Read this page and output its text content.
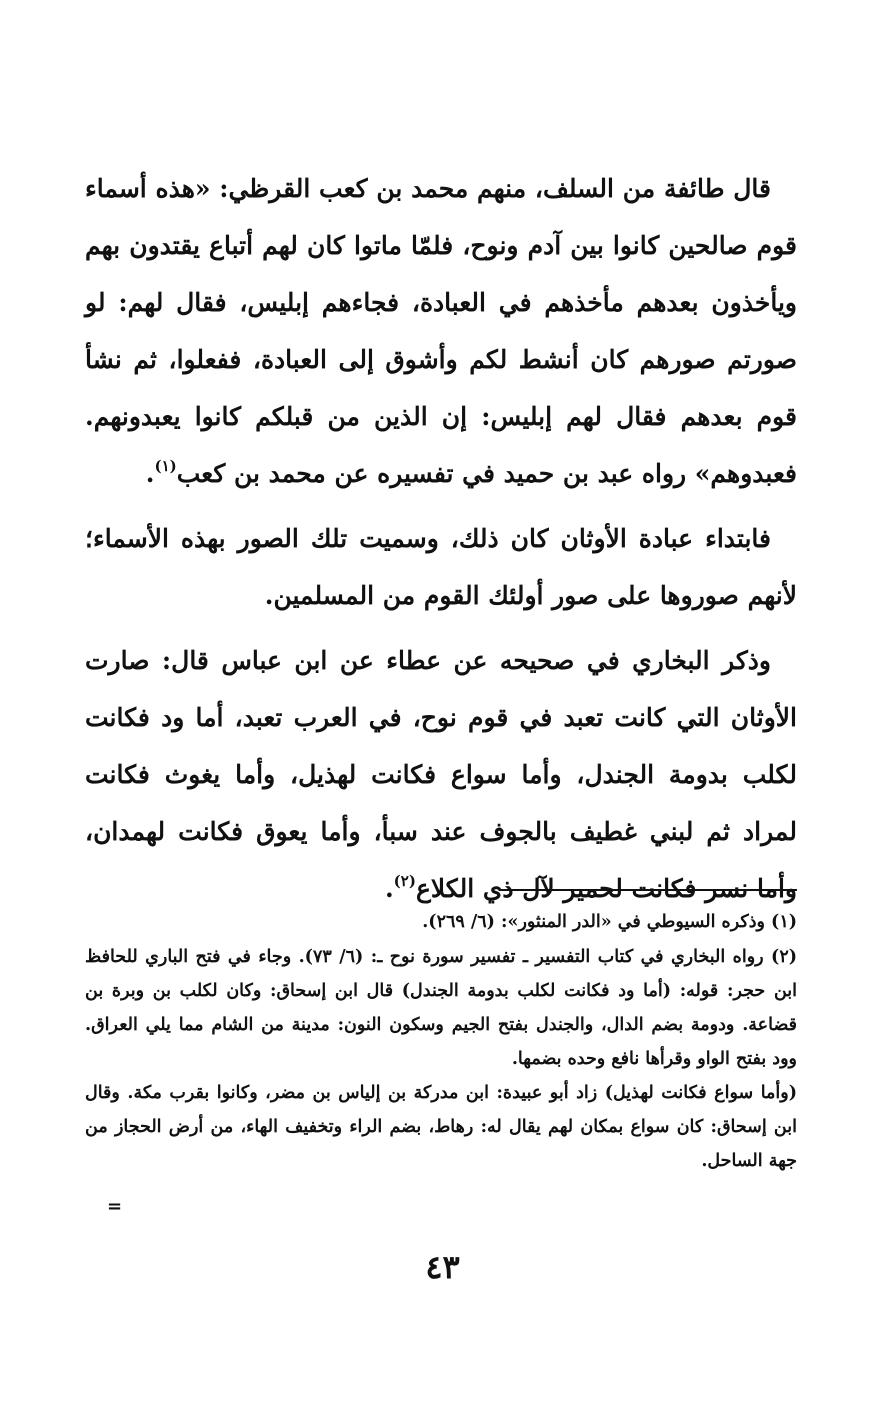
قال طائفة من السلف، منهم محمد بن كعب القرظي: «هذه أسماء قوم صالحين كانوا بين آدم ونوح، فلمّا ماتوا كان لهم أتباع يقتدون بهم ويأخذون بعدهم مأخذهم في العبادة، فجاءهم إبليس، فقال لهم: لو صورتم صورهم كان أنشط لكم وأشوق إلى العبادة، ففعلوا، ثم نشأ قوم بعدهم فقال لهم إبليس: إن الذين من قبلكم كانوا يعبدونهم. فعبدوهم» رواه عبد بن حميد في تفسيره عن محمد بن كعب$^{(١)}$.

فابتداء عبادة الأوثان كان ذلك، وسميت تلك الصور بهذه الأسماء؛ لأنهم صوروها على صور أولئك القوم من المسلمين.

وذكر البخاري في صحيحه عن عطاء عن ابن عباس قال: صارت الأوثان التي كانت تعبد في قوم نوح، في العرب تعبد، أما ود فكانت لكلب بدومة الجندل، وأما سواع فكانت لهذيل، وأما يغوث فكانت لمراد ثم لبني غطيف بالجوف عند سبأ، وأما يعوق فكانت لهمدان، وأما نسر فكانت لحمير لآل ذي الكلاع$^{(٢)}$.

(١) وذكره السيوطي في «الدر المنثور»: (٦/ ٢٦٩).

(٢) رواه البخاري في كتاب التفسير ـ تفسير سورة نوح ـ: (٦/ ٧٣). وجاء في فتح الباري للحافظ ابن حجر: قوله: (أما ود فكانت لكلب بدومة الجندل) قال ابن إسحاق: وكان لكلب بن وبرة بن قضاعة. ودومة بضم الدال، والجندل بفتح الجيم وسكون النون: مدينة من الشام مما يلي العراق. وود بفتح الواو وقرأها نافع وحده بضمها.

(وأما سواع فكانت لهذيل) زاد أبو عبيدة: ابن مدركة بن إلياس بن مضر، وكانوا بقرب مكة. وقال ابن إسحاق: كان سواع بمكان لهم يقال له: رهاط، بضم الراء وتخفيف الهاء، من أرض الحجاز من جهة الساحل.

=
٤٣
